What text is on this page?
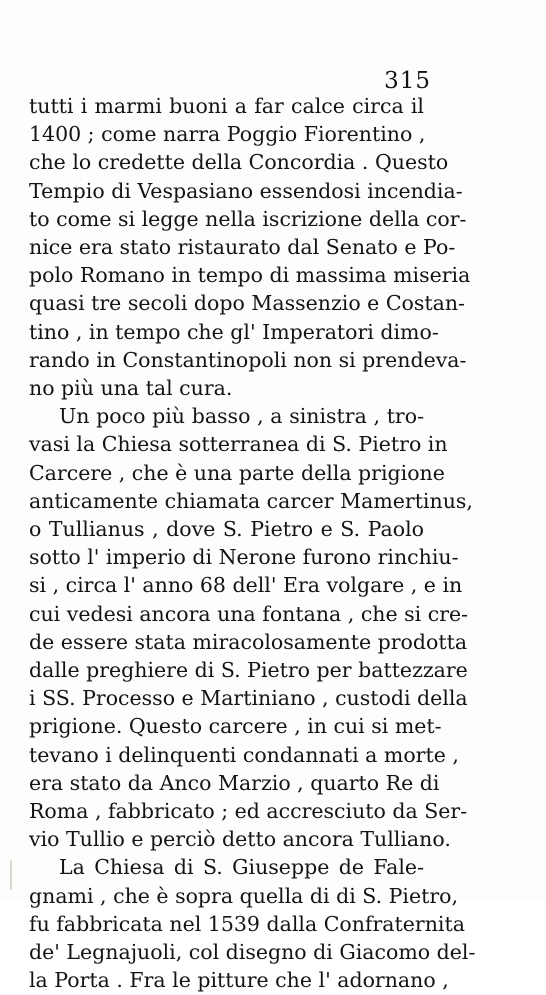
315
tutti i marmi buoni a far calce circa il
1400 ; come narra Poggio Fiorentino ,
che lo credette della Concordia . Questo
Tempio di Vespasiano essendosi incendia-
to come si legge nella iscrizione della cor-
nice era stato ristaurato dal Senato e Po-
polo Romano in tempo di massima miseria
quasi tre secoli dopo Massenzio e Costan-
tino , in tempo che gl' Imperatori dimo-
rando in Constantinopoli non si prendeva-
no più una tal cura.
Un poco più basso , a sinistra , tro-
vasi la Chiesa sotterranea di S. Pietro in
Carcere , che è una parte della prigione
anticamente chiamata carcer Mamertinus,
o Tullianus , dove S. Pietro e S. Paolo
sotto l' imperio di Nerone furono rinchiu-
si , circa l' anno 68 dell' Era volgare , e in
cui vedesi ancora una fontana , che si cre-
de essere stata miracolosamente prodotta
dalle preghiere di S. Pietro per battezzare
i SS. Processo e Martiniano , custodi della
prigione. Questo carcere , in cui si met-
tevano i delinquenti condannati a morte ,
era stato da Anco Marzio , quarto Re di
Roma , fabbricato ; ed accresciuto da Ser-
vio Tullio e perciò detto ancora Tulliano.
La Chiesa di S. Giuseppe de Fale-
gnami , che è sopra quella di di S. Pietro,
fu fabbricata nel 1539 dalla Confraternita
de' Legnajuoli, col disegno di Giacomo del-
la Porta . Fra le pitture che l' adornano ,
